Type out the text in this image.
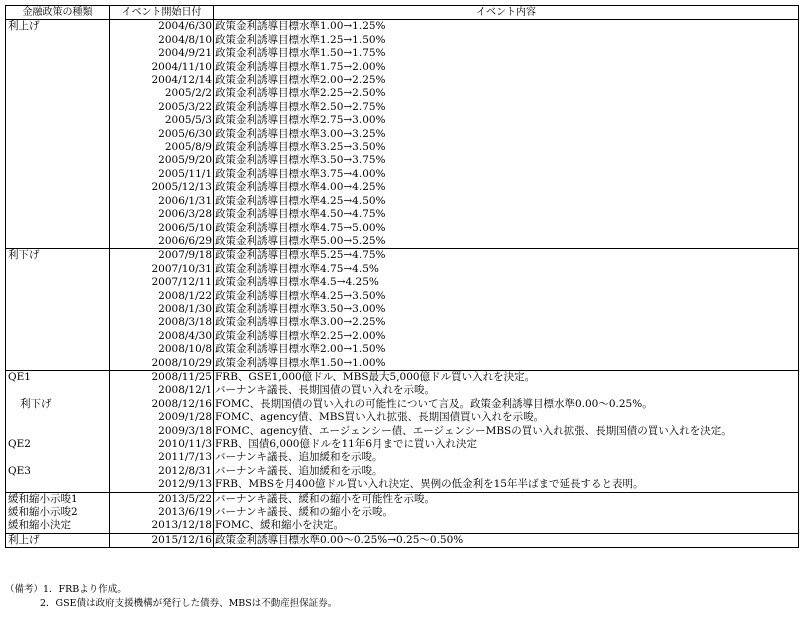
金融政策の種類	イベント開始日付	イベント内容
利上げ	2004/6/30	政策金利誘導目標水準1.00→1.25%
	2004/8/10	政策金利誘導目標水準1.25→1.50%
	2004/9/21	政策金利誘導目標水準1.50→1.75%
	2004/11/10	政策金利誘導目標水準1.75→2.00%
	2004/12/14	政策金利誘導目標水準2.00→2.25%
	2005/2/2	政策金利誘導目標水準2.25→2.50%
	2005/3/22	政策金利誘導目標水準2.50→2.75%
	2005/5/3	政策金利誘導目標水準2.75→3.00%
	2005/6/30	政策金利誘導目標水準3.00→3.25%
	2005/8/9	政策金利誘導目標水準3.25→3.50%
	2005/9/20	政策金利誘導目標水準3.50→3.75%
	2005/11/1	政策金利誘導目標水準3.75→4.00%
	2005/12/13	政策金利誘導目標水準4.00→4.25%
	2006/1/31	政策金利誘導目標水準4.25→4.50%
	2006/3/28	政策金利誘導目標水準4.50→4.75%
	2006/5/10	政策金利誘導目標水準4.75→5.00%
	2006/6/29	政策金利誘導目標水準5.00→5.25%
利下げ	2007/9/18	政策金利誘導目標水準5.25→4.75%
	2007/10/31	政策金利誘導目標水準4.75→4.5%
	2007/12/11	政策金利誘導目標水準4.5→4.25%
	2008/1/22	政策金利誘導目標水準4.25→3.50%
	2008/1/30	政策金利誘導目標水準3.50→3.00%
	2008/3/18	政策金利誘導目標水準3.00→2.25%
	2008/4/30	政策金利誘導目標水準2.25→2.00%
	2008/10/8	政策金利誘導目標水準2.00→1.50%
	2008/10/29	政策金利誘導目標水準1.50→1.00%
QE1	2008/11/25	FRB、GSE1,000億ドル、MBS最大5,000億ドル買い入れを決定。
	2008/12/1	バーナンキ議長、長期国債の買い入れを示唆。
利下げ	2008/12/16	FOMC、長期国債の買い入れの可能性について言及。政策金利誘導目標水準0.00～0.25%。
	2009/1/28	FOMC、agency債、MBS買い入れ拡張、長期国債買い入れを示唆。
	2009/3/18	FOMC、agency債、エージェンシー債、エージェンシーMBSの買い入れ拡張、長期国債の買い入れを決定。
QE2	2010/11/3	FRB、国債6,000億ドルを11年6月までに買い入れ決定
	2011/7/13	バーナンキ議長、追加緩和を示唆。
QE3	2012/8/31	バーナンキ議長、追加緩和を示唆。
	2012/9/13	FRB、MBSを月400億ドル買い入れ決定、異例の低金利を15年半ばまで延長すると表明。
緩和縮小示唆1	2013/5/22	バーナンキ議長、緩和の縮小を可能性を示唆。
緩和縮小示唆2	2013/6/19	バーナンキ議長、緩和の縮小を示唆。
緩和縮小決定	2013/12/18	FOMC、緩和縮小を決定。
利上げ	2015/12/16	政策金利誘導目標水準0.00～0.25%→0.25～0.50%
（備考）1．FRBより作成。
2．GSE債は政府支援機構が発行した債券、MBSは不動産担保証券。
